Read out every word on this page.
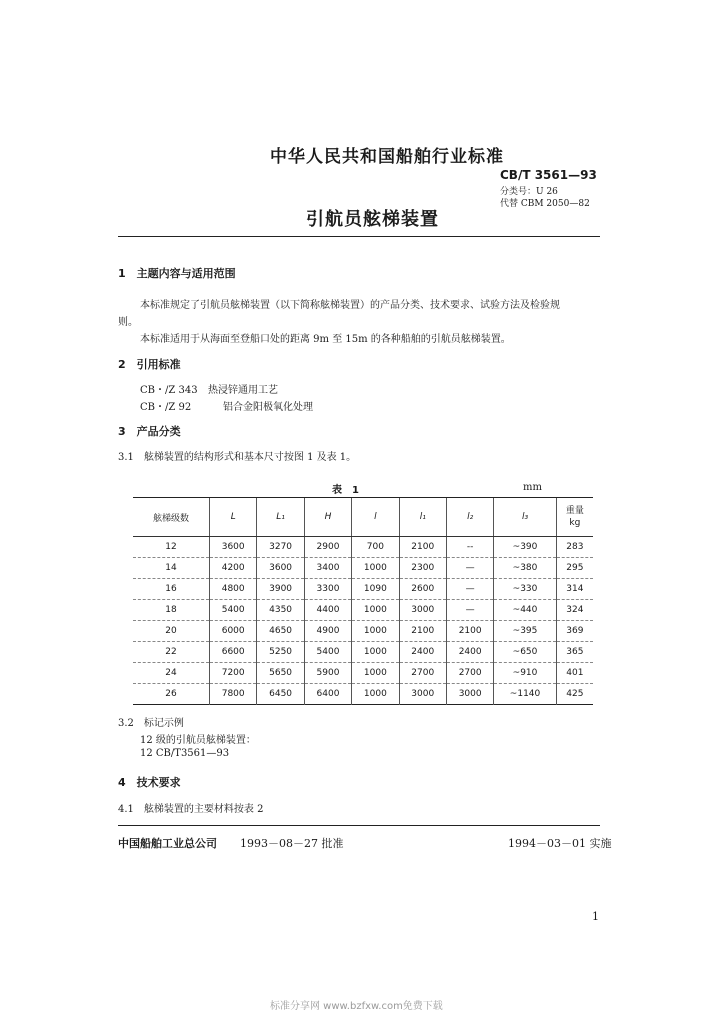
中华人民共和国船舶行业标准
CB/T 3561—93
分类号：U 26
代替 CBM 2050—82
引航员舷梯装置
1　主题内容与适用范围
本标准规定了引航员舷梯装置（以下简称舷梯装置）的产品分类、技术要求、试验方法及检验规
则。
本标准适用于从海面至登船口处的距离 9m 至 15m 的各种船舶的引航员舷梯装置。
2　引用标准
CB・/Z 343 热浸锌通用工艺
CB・/Z 92	铝合金阳极氧化处理
3　产品分类
3.1　舷梯装置的结构形式和基本尺寸按图 1 及表 1。
表　1	mm
舷梯级数	L	L₁	H	l	l₁	l₂	l₃	重量
kg

12	3600	3270	2900	700	2100	--	~390	283
14	4200	3600	3400	1000	2300	—	~380	295
16	4800	3900	3300	1090	2600	—	~330	314
18	5400	4350	4400	1000	3000	—	~440	324
20	6000	4650	4900	1000	2100	2100	~395	369
22	6600	5250	5400	1000	2400	2400	~650	365
24	7200	5650	5900	1000	2700	2700	~910	401
26	7800	6450	6400	1000	3000	3000	~1140	425
3.2　标记示例
12 级的引航员舷梯装置：
12 CB/T3561—93
4　技术要求
4.1　舷梯装置的主要材料按表 2
中国船舶工业总公司 1993－08－27 批准	1994－03－01 实施
1
标准分享网 www.bzfxw.com免费下载
